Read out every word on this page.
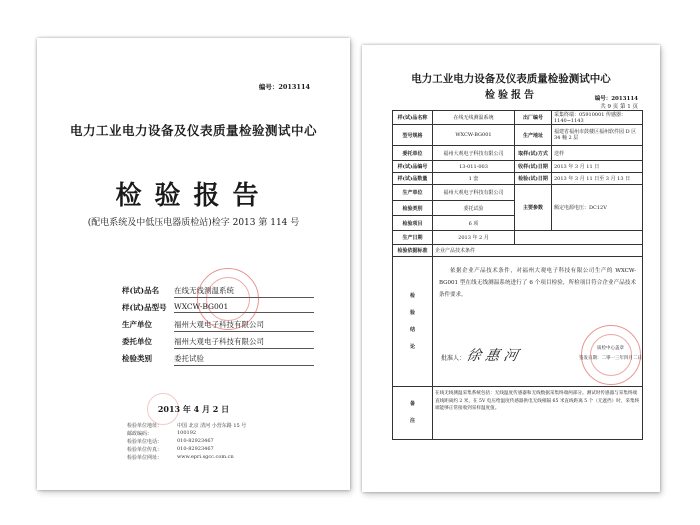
编号：2013114
电力工业电力设备及仪表质量检验测试中心
检验报告
(配电系统及中低压电器质检站)检字 2013 第 114 号
样(试)品名 在线无线测温系统
样(试)品型号 WXCW-BG001
生产单位	福州大观电子科技有限公司
委托单位	福州大观电子科技有限公司
检验类别	委托试验
2013 年 4 月 2 日
检验单位地址：	中国 北京 清河 小营东路 15 号
邮政编码：	100192
检验单位电话：	010-82923467
检验单位传真：	010-82923467
检验单位网址：	www.epri.sgcc.com.cn
电力工业电力设备及仪表质量检验测试中心
检验报告	编号：2013114
共 9 页 第 1 页
样(试)品名称	在线无线测温系统	出厂编号	采集终端：05910001 传感器：1140~1143
型号规格	WXCW-BG001	生产地址	福建省福州市鼓楼区福州软件园 D 区 34 幢 2 层
委托单位	福州大观电子科技有限公司	取样(试)方式	送样
样(试)品编号	13-011-003	收样(试)日期	2013 年 3 月 11 日
样(试)品数量	1 套	检验(试)日期	2013 年 3 月 11 日至 3 月 13 日
生产单位	福州大观电子科技有限公司	主要参数	额定电源电压：DC12V
检验类别	委托试验		
检验项目	6 项		
生产日期	2013 年 2 月		
检验依据标准	企业产品技术条件		

检验结论	依据企业产品技术条件，对福州大观电子科技有限公司生产的 WXCW-BG001 型在线无线测温系统进行了 6 个项目检验，所检项目符合企业产品技术条件要求。
批准人： 徐 惠 河 质检中心盖章
签发日期：二零一三年四月二日		

备注	在线无线测温采集系统包括：无线温度传感器和无线数据采集终端两部分。测试时传感器与采集终端直线距离约 2 米，在 5V 电压给温度传感器供电无线相隔 65 米直线距离 5 个（无遮挡）时，采集终端能够正常接收到采样温度值。		
